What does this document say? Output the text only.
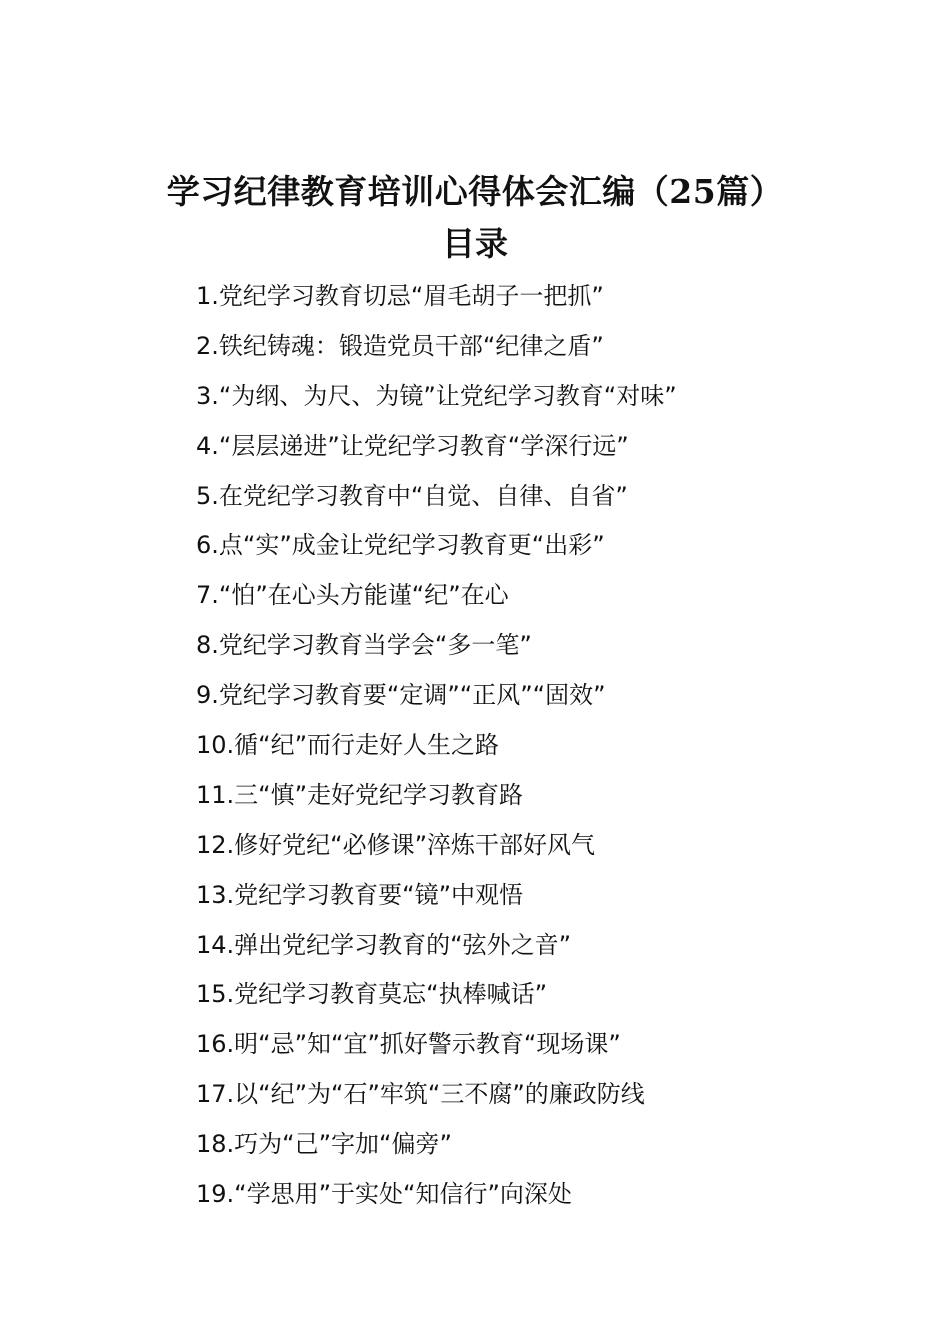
学习纪律教育培训心得体会汇编（25篇）
目录
1.党纪学习教育切忌“眉毛胡子一把抓”
2.铁纪铸魂：锻造党员干部“纪律之盾”
3.“为纲、为尺、为镜”让党纪学习教育“对味”
4.“层层递进”让党纪学习教育“学深行远”
5.在党纪学习教育中“自觉、自律、自省”
6.点“实”成金让党纪学习教育更“出彩”
7.“怕”在心头方能谨“纪”在心
8.党纪学习教育当学会“多一笔”
9.党纪学习教育要“定调”“正风”“固效”
10.循“纪”而行走好人生之路
11.三“慎”走好党纪学习教育路
12.修好党纪“必修课”淬炼干部好风气
13.党纪学习教育要“镜”中观悟
14.弹出党纪学习教育的“弦外之音”
15.党纪学习教育莫忘“执棒喊话”
16.明“忌”知“宜”抓好警示教育“现场课”
17.以“纪”为“石”牢筑“三不腐”的廉政防线
18.巧为“己”字加“偏旁”
19.“学思用”于实处“知信行”向深处
